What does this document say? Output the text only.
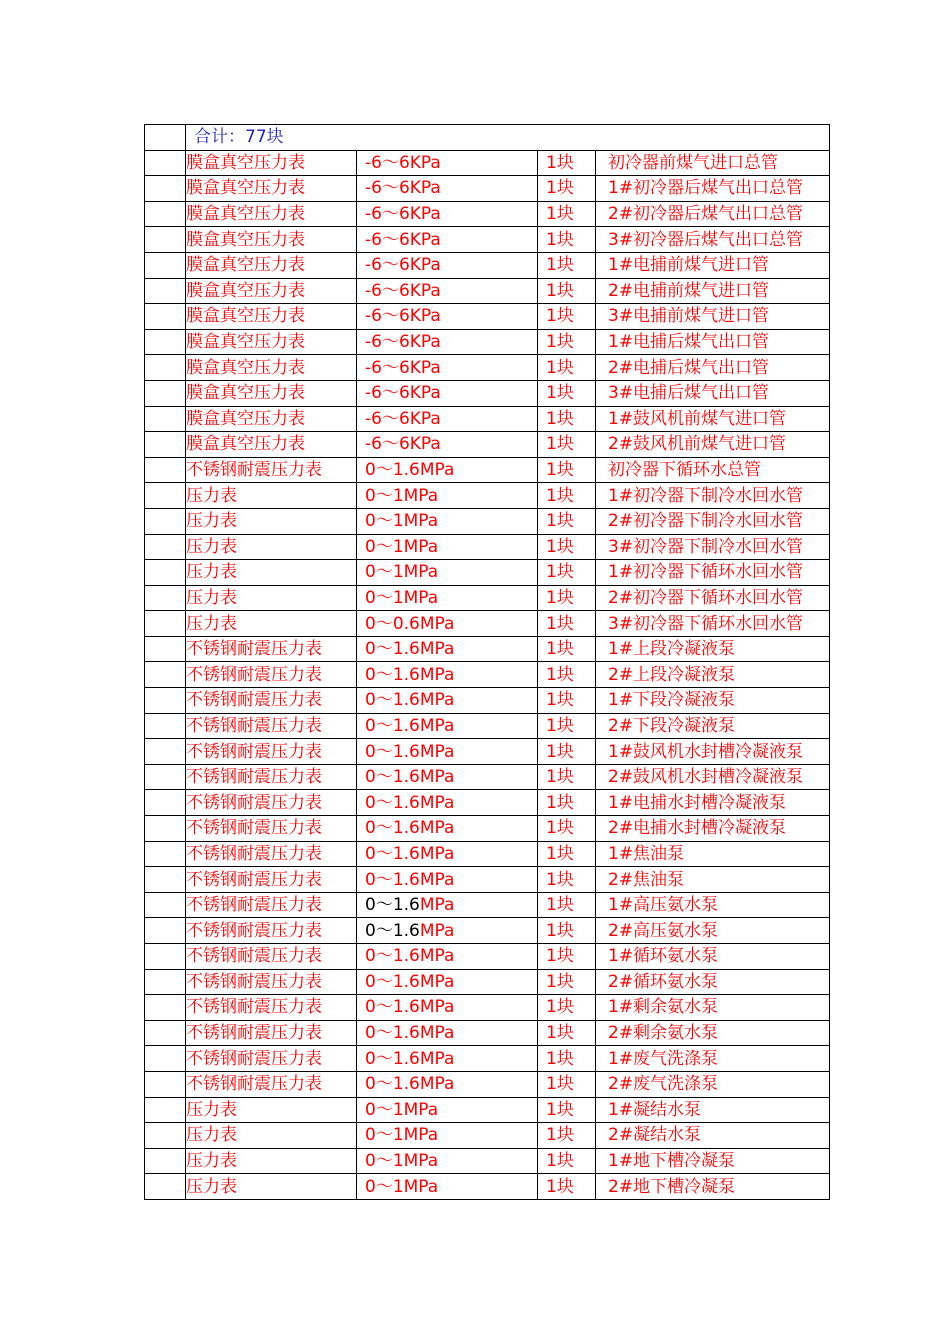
	合计：77块			
	膜盒真空压力表	-6～6KPa	1块	初冷器前煤气进口总管
	膜盒真空压力表	-6～6KPa	1块	1#初冷器后煤气出口总管
	膜盒真空压力表	-6～6KPa	1块	2#初冷器后煤气出口总管
	膜盒真空压力表	-6～6KPa	1块	3#初冷器后煤气出口总管
	膜盒真空压力表	-6～6KPa	1块	1#电捕前煤气进口管
	膜盒真空压力表	-6～6KPa	1块	2#电捕前煤气进口管
	膜盒真空压力表	-6～6KPa	1块	3#电捕前煤气进口管
	膜盒真空压力表	-6～6KPa	1块	1#电捕后煤气出口管
	膜盒真空压力表	-6～6KPa	1块	2#电捕后煤气出口管
	膜盒真空压力表	-6～6KPa	1块	3#电捕后煤气出口管
	膜盒真空压力表	-6～6KPa	1块	1#鼓风机前煤气进口管
	膜盒真空压力表	-6～6KPa	1块	2#鼓风机前煤气进口管
	不锈钢耐震压力表	0～1.6MPa	1块	初冷器下循环水总管
	压力表	0～1MPa	1块	1#初冷器下制冷水回水管
	压力表	0～1MPa	1块	2#初冷器下制冷水回水管
	压力表	0～1MPa	1块	3#初冷器下制冷水回水管
	压力表	0～1MPa	1块	1#初冷器下循环水回水管
	压力表	0～1MPa	1块	2#初冷器下循环水回水管
	压力表	0～0.6MPa	1块	3#初冷器下循环水回水管
	不锈钢耐震压力表	0～1.6MPa	1块	1#上段冷凝液泵
	不锈钢耐震压力表	0～1.6MPa	1块	2#上段冷凝液泵
	不锈钢耐震压力表	0～1.6MPa	1块	1#下段冷凝液泵
	不锈钢耐震压力表	0～1.6MPa	1块	2#下段冷凝液泵
	不锈钢耐震压力表	0～1.6MPa	1块	1#鼓风机水封槽冷凝液泵
	不锈钢耐震压力表	0～1.6MPa	1块	2#鼓风机水封槽冷凝液泵
	不锈钢耐震压力表	0～1.6MPa	1块	1#电捕水封槽冷凝液泵
	不锈钢耐震压力表	0～1.6MPa	1块	2#电捕水封槽冷凝液泵
	不锈钢耐震压力表	0～1.6MPa	1块	1#焦油泵
	不锈钢耐震压力表	0～1.6MPa	1块	2#焦油泵
	不锈钢耐震压力表	0～1.6MPa	1块	1#高压氨水泵
	不锈钢耐震压力表	0～1.6MPa	1块	2#高压氨水泵
	不锈钢耐震压力表	0～1.6MPa	1块	1#循环氨水泵
	不锈钢耐震压力表	0～1.6MPa	1块	2#循环氨水泵
	不锈钢耐震压力表	0～1.6MPa	1块	1#剩余氨水泵
	不锈钢耐震压力表	0～1.6MPa	1块	2#剩余氨水泵
	不锈钢耐震压力表	0～1.6MPa	1块	1#废气洗涤泵
	不锈钢耐震压力表	0～1.6MPa	1块	2#废气洗涤泵
	压力表	0～1MPa	1块	1#凝结水泵
	压力表	0～1MPa	1块	2#凝结水泵
	压力表	0～1MPa	1块	1#地下槽冷凝泵
	压力表	0～1MPa	1块	2#地下槽冷凝泵
